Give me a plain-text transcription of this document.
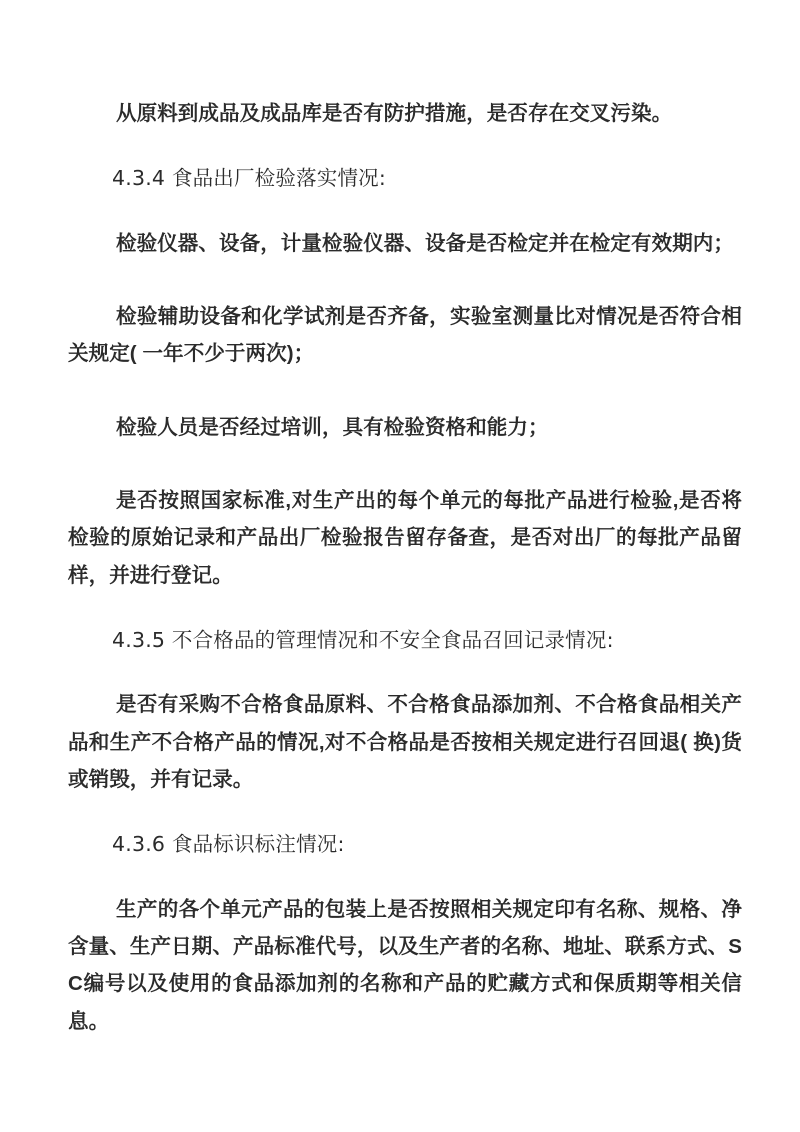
从原料到成品及成品库是否有防护措施，是否存在交叉污染。

4.3.4 食品出厂检验落实情况:

检验仪器、设备，计量检验仪器、设备是否检定并在检定有效期内；

检验辅助设备和化学试剂是否齐备，实验室测量比对情况是否符合相关规定( 一年不少于两次)；

检验人员是否经过培训，具有检验资格和能力；

是否按照国家标准,对生产出的每个单元的每批产品进行检验,是否将检验的原始记录和产品出厂检验报告留存备查，是否对出厂的每批产品留样，并进行登记。

4.3.5 不合格品的管理情况和不安全食品召回记录情况:

是否有采购不合格食品原料、不合格食品添加剂、不合格食品相关产品和生产不合格产品的情况,对不合格品是否按相关规定进行召回退( 换)货或销毁，并有记录。

4.3.6 食品标识标注情况:

生产的各个单元产品的包装上是否按照相关规定印有名称、规格、净含量、生产日期、产品标准代号，以及生产者的名称、地址、联系方式、SC编号以及使用的食品添加剂的名称和产品的贮藏方式和保质期等相关信息。
